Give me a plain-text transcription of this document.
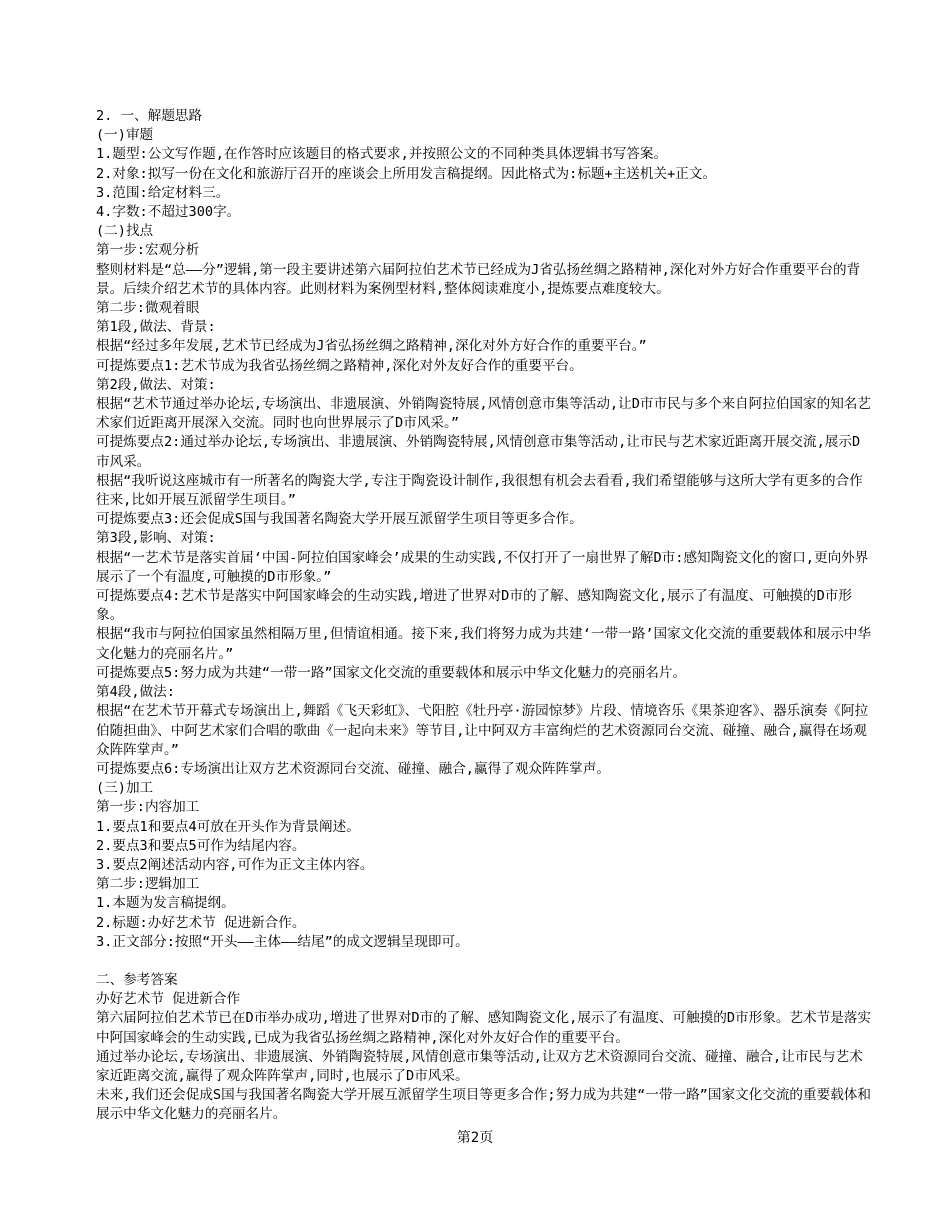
2. 一、解题思路

(一)审题

1.题型:公文写作题,在作答时应该题目的格式要求,并按照公文的不同种类具体逻辑书写答案。

2.对象:拟写一份在文化和旅游厅召开的座谈会上所用发言稿提纲。因此格式为:标题+主送机关+正文。

3.范围:给定材料三。

4.字数:不超过300字。

(二)找点

第一步:宏观分析

整则材料是“总——分”逻辑,第一段主要讲述第六届阿拉伯艺术节已经成为J省弘扬丝绸之路精神,深化对外方好合作重要平台的背景。后续介绍艺术节的具体内容。此则材料为案例型材料,整体阅读难度小,提炼要点难度较大。

第二步:微观着眼

第1段,做法、背景:

根据“经过多年发展,艺术节已经成为J省弘扬丝绸之路精神,深化对外方好合作的重要平台。”

可提炼要点1:艺术节成为我省弘扬丝绸之路精神,深化对外友好合作的重要平台。

第2段,做法、对策:

根据“艺术节通过举办论坛,专场演出、非遗展演、外销陶瓷特展,风情创意市集等活动,让D市市民与多个来自阿拉伯国家的知名艺术家们近距离开展深入交流。同时也向世界展示了D市风采。”

可提炼要点2:通过举办论坛,专场演出、非遗展演、外销陶瓷特展,风情创意市集等活动,让市民与艺术家近距离开展交流,展示D市风采。

根据“我听说这座城市有一所著名的陶瓷大学,专注于陶瓷设计制作,我很想有机会去看看,我们希望能够与这所大学有更多的合作往来,比如开展互派留学生项目。”

可提炼要点3:还会促成S国与我国著名陶瓷大学开展互派留学生项目等更多合作。

第3段,影响、对策:

根据“一艺术节是落实首届‘中国-阿拉伯国家峰会’成果的生动实践,不仅打开了一扇世界了解D市:感知陶瓷文化的窗口,更向外界展示了一个有温度,可触摸的D市形象。”

可提炼要点4:艺术节是落实中阿国家峰会的生动实践,增进了世界对D市的了解、感知陶瓷文化,展示了有温度、可触摸的D市形象。

根据“我市与阿拉伯国家虽然相隔万里,但情谊相通。接下来,我们将努力成为共建‘一带一路’国家文化交流的重要载体和展示中华文化魅力的亮丽名片。”

可提炼要点5:努力成为共建“一带一路”国家文化交流的重要载体和展示中华文化魅力的亮丽名片。

第4段,做法:

根据“在艺术节开幕式专场演出上,舞蹈《飞天彩虹》、弋阳腔《牡丹亭·游园惊梦》片段、情境咨乐《果茶迎客》、器乐演奏《阿拉伯随担曲》、中阿艺术家们合唱的歌曲《一起向未来》等节目,让中阿双方丰富绚烂的艺术资源同台交流、碰撞、融合,赢得在场观众阵阵掌声。”

可提炼要点6:专场演出让双方艺术资源同台交流、碰撞、融合,赢得了观众阵阵掌声。

(三)加工

第一步:内容加工

1.要点1和要点4可放在开头作为背景阐述。

2.要点3和要点5可作为结尾内容。

3.要点2阐述活动内容,可作为正文主体内容。

第二步:逻辑加工

1.本题为发言稿提纲。

2.标题:办好艺术节 促进新合作。

3.正文部分:按照“开头——主体——结尾”的成文逻辑呈现即可。

二、参考答案

办好艺术节 促进新合作

第六届阿拉伯艺术节已在D市举办成功,增进了世界对D市的了解、感知陶瓷文化,展示了有温度、可触摸的D市形象。艺术节是落实中阿国家峰会的生动实践,已成为我省弘扬丝绸之路精神,深化对外友好合作的重要平台。

通过举办论坛,专场演出、非遗展演、外销陶瓷特展,风情创意市集等活动,让双方艺术资源同台交流、碰撞、融合,让市民与艺术家近距离交流,赢得了观众阵阵掌声,同时,也展示了D市风采。

未来,我们还会促成S国与我国著名陶瓷大学开展互派留学生项目等更多合作;努力成为共建“一带一路”国家文化交流的重要载体和展示中华文化魅力的亮丽名片。

第2页
